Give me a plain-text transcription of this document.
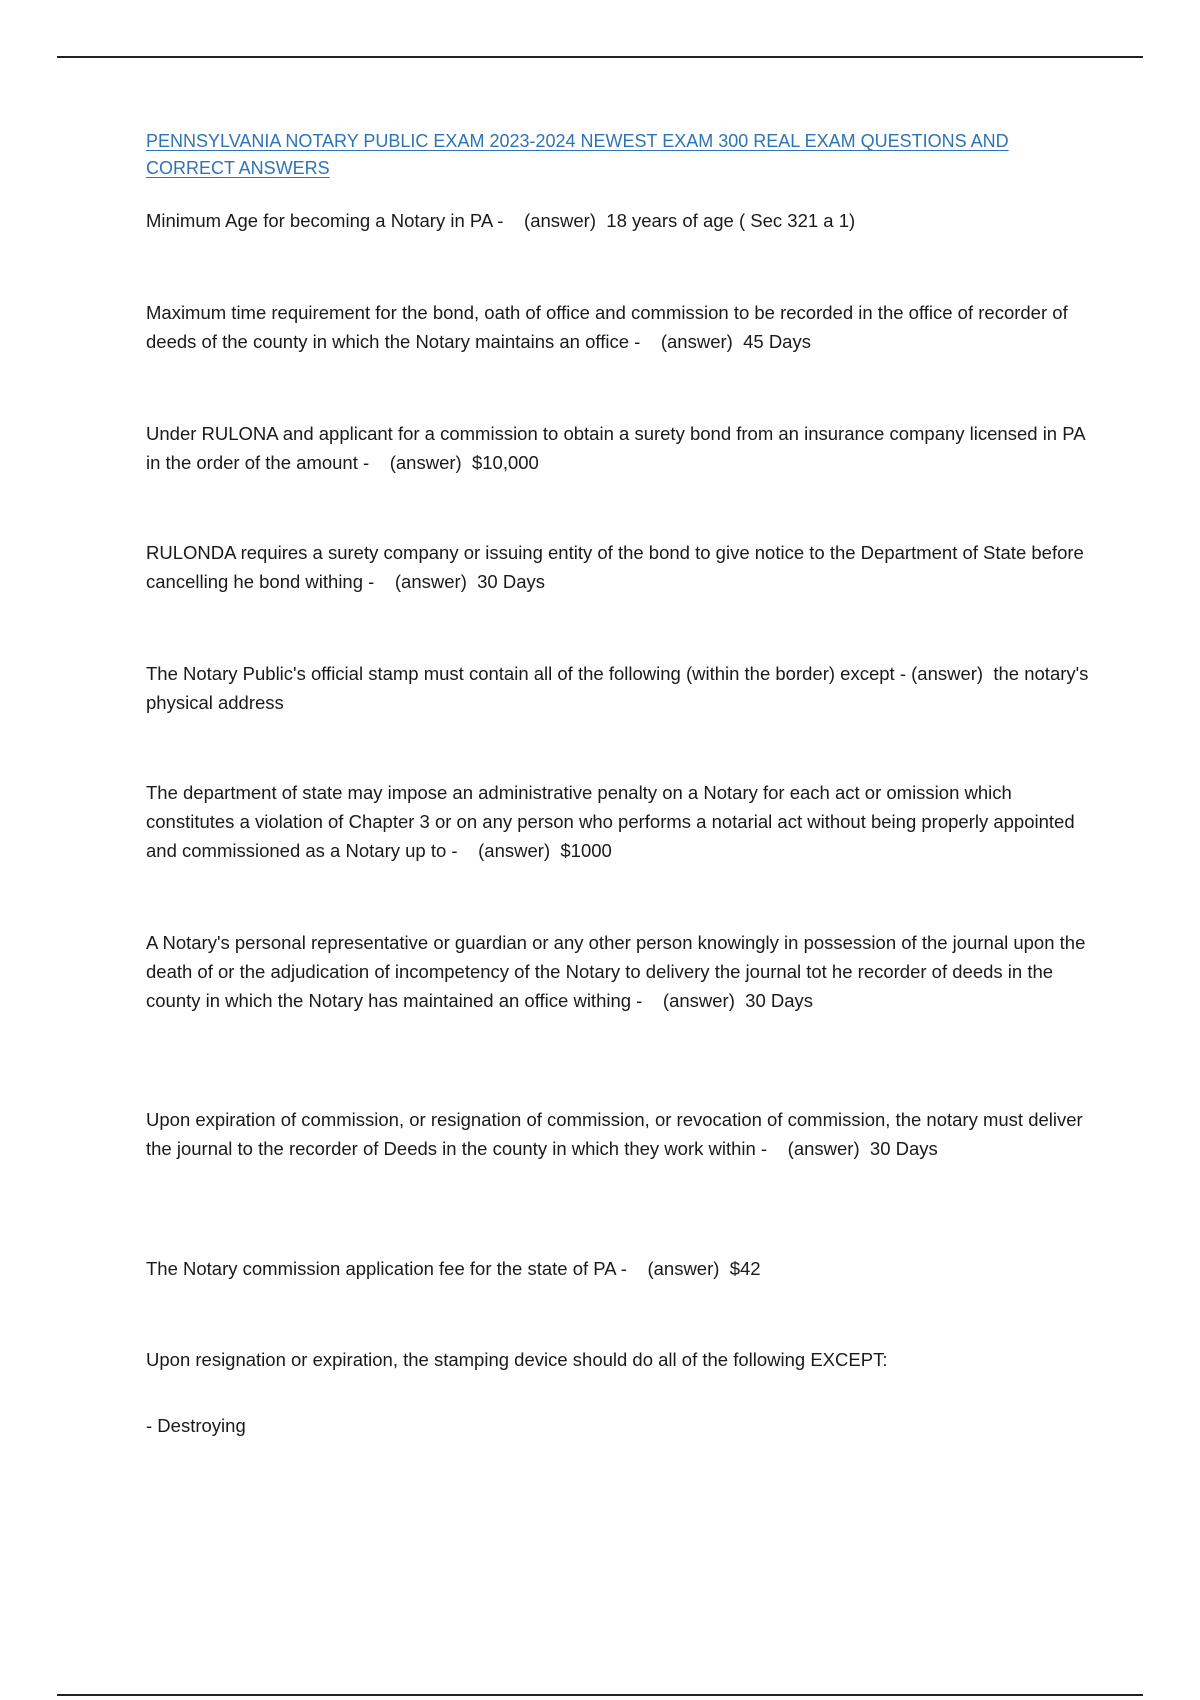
PENNSYLVANIA NOTARY PUBLIC EXAM 2023-2024 NEWEST EXAM 300 REAL EXAM QUESTIONS AND CORRECT ANSWERS

Minimum Age for becoming a Notary in PA - (answer) 18 years of age ( Sec 321 a 1)

Maximum time requirement for the bond, oath of office and commission to be recorded in the office of recorder of deeds of the county in which the Notary maintains an office - (answer) 45 Days

Under RULONA and applicant for a commission to obtain a surety bond from an insurance company licensed in PA in the order of the amount - (answer) $10,000

RULONDA requires a surety company or issuing entity of the bond to give notice to the Department of State before cancelling he bond withing - (answer) 30 Days

The Notary Public's official stamp must contain all of the following (within the border) except - (answer) the notary's physical address

The department of state may impose an administrative penalty on a Notary for each act or omission which constitutes a violation of Chapter 3 or on any person who performs a notarial act without being properly appointed and commissioned as a Notary up to - (answer) $1000

A Notary's personal representative or guardian or any other person knowingly in possession of the journal upon the death of or the adjudication of incompetency of the Notary to delivery the journal tot he recorder of deeds in the county in which the Notary has maintained an office withing - (answer) 30 Days

Upon expiration of commission, or resignation of commission, or revocation of commission, the notary must deliver the journal to the recorder of Deeds in the county in which they work within - (answer) 30 Days

The Notary commission application fee for the state of PA - (answer) $42

Upon resignation or expiration, the stamping device should do all of the following EXCEPT:

- Destroying
